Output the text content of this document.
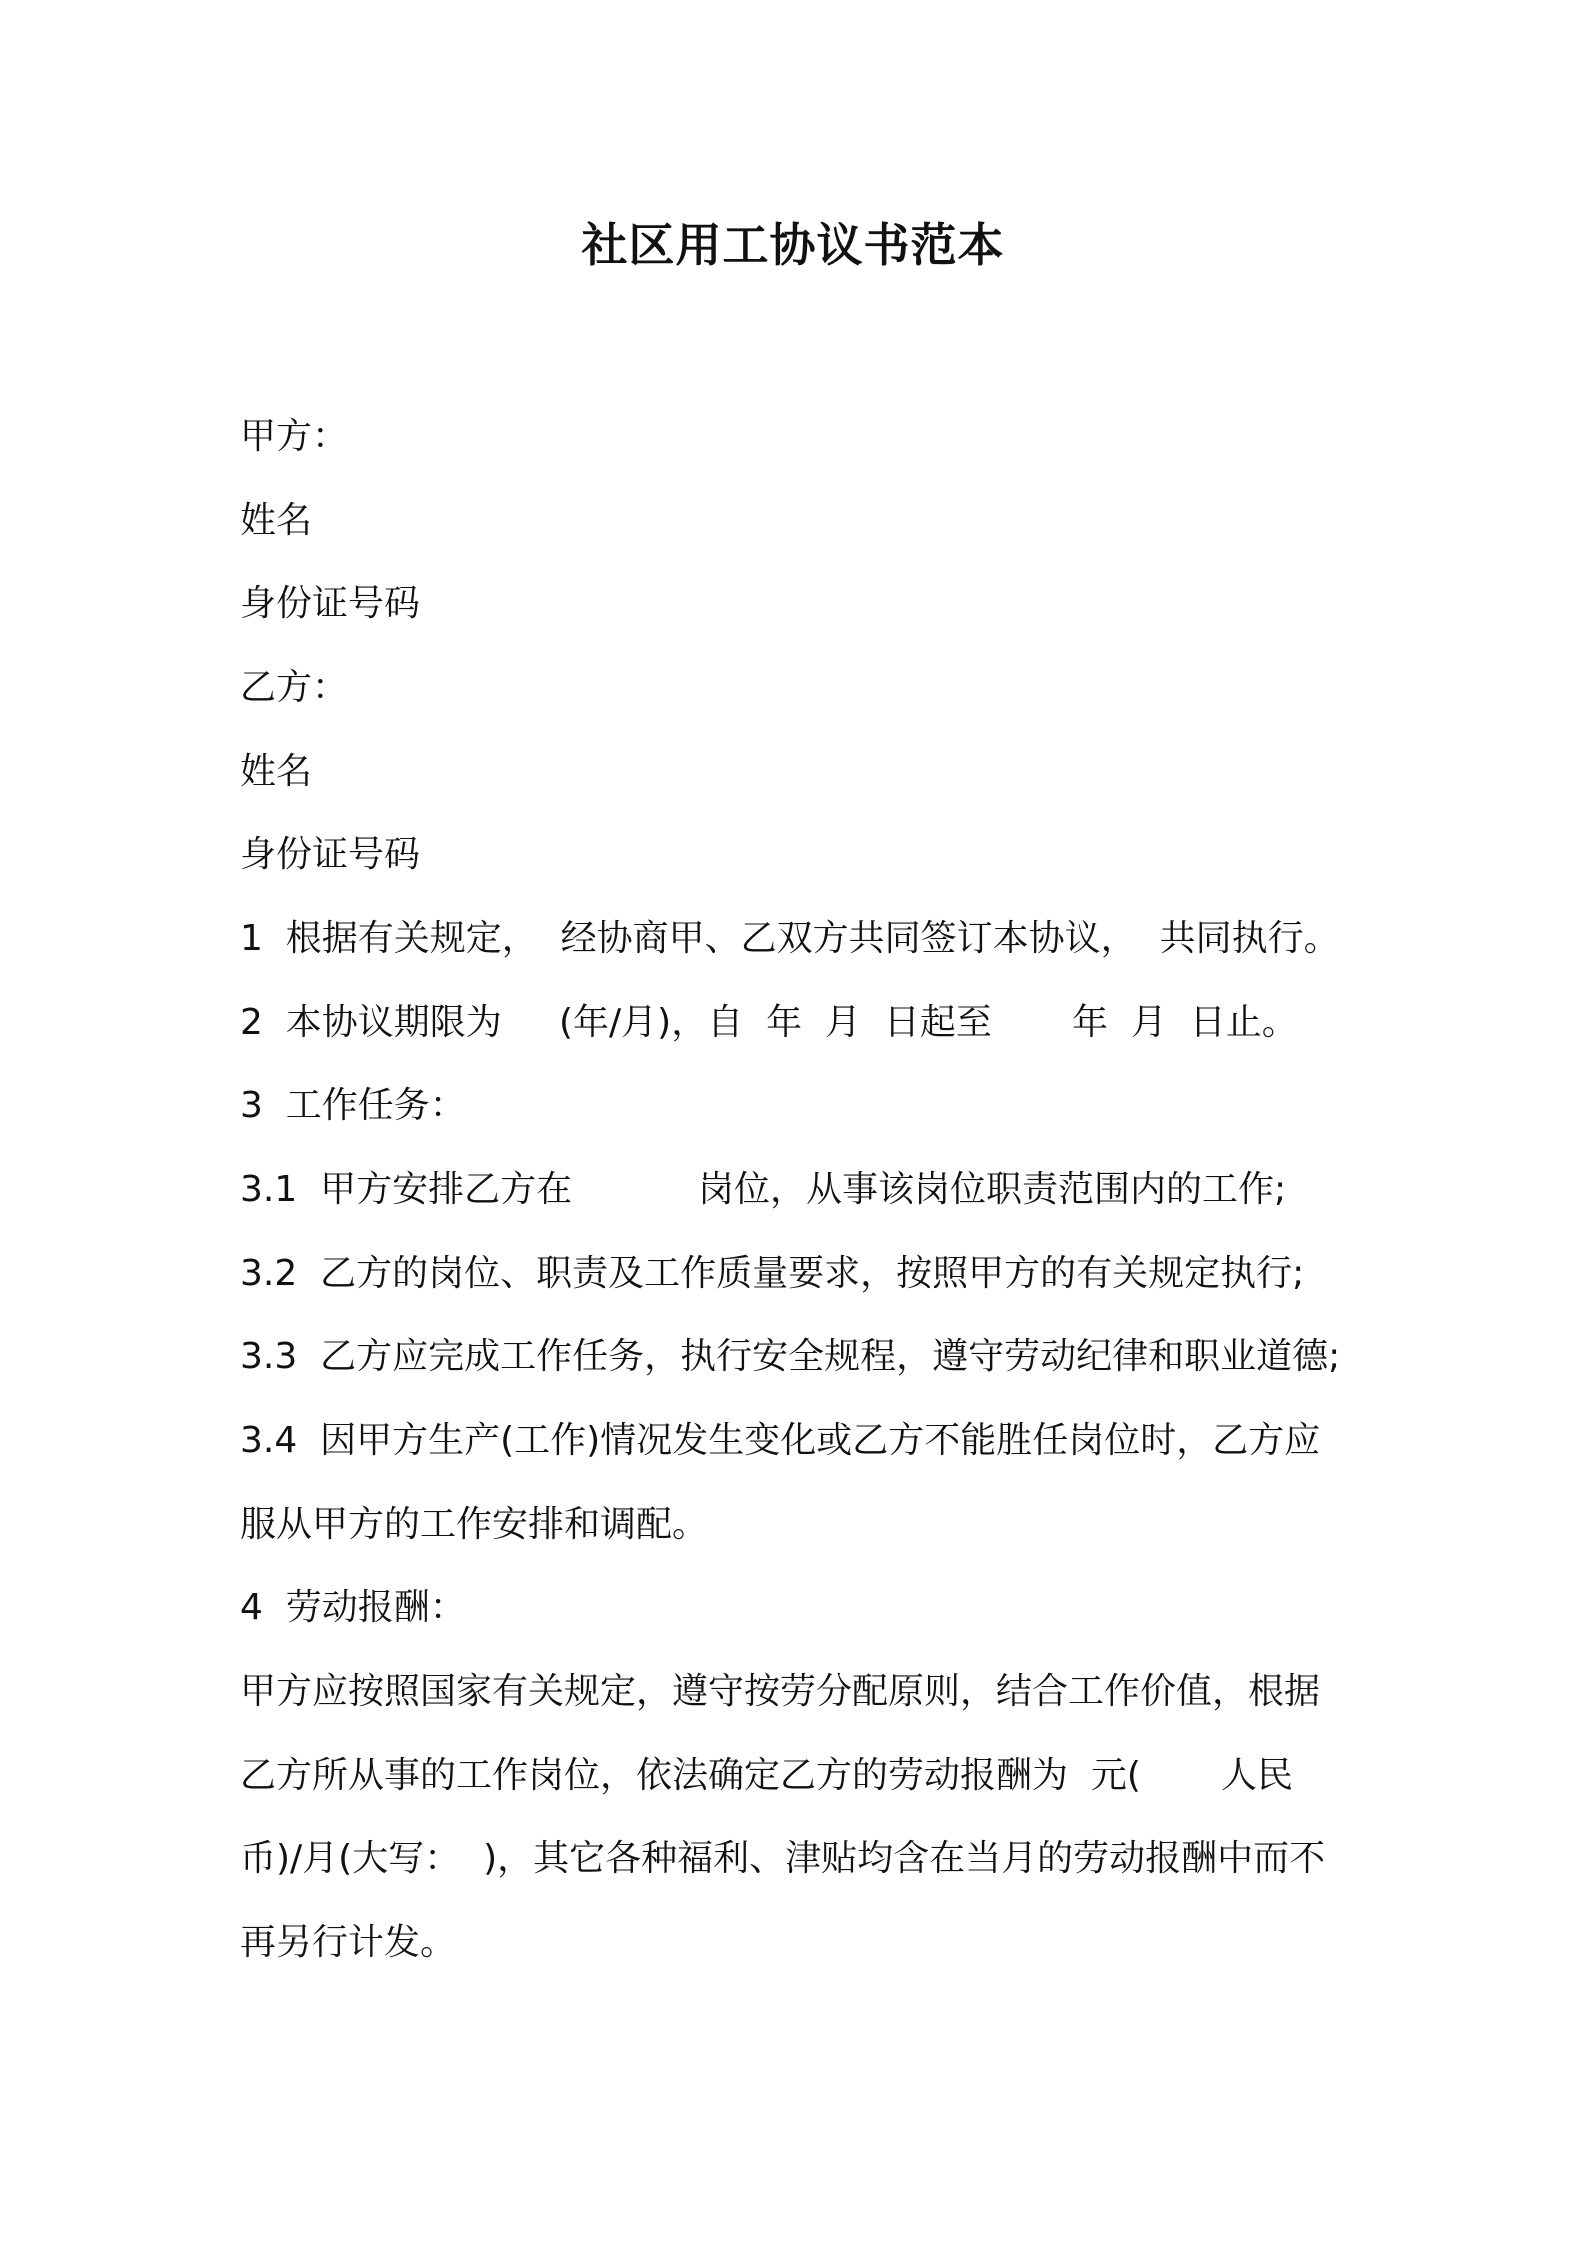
社区用工协议书范本
甲方：
姓名
身份证号码
乙方：
姓名
身份证号码
1  根据有关规定，  经协商甲、乙双方共同签订本协议，  共同执行。
2  本协议期限为     (年/月)，自  年  月  日起至       年  月  日止。
3  工作任务：
3.1  甲方安排乙方在           岗位，从事该岗位职责范围内的工作;
3.2  乙方的岗位、职责及工作质量要求，按照甲方的有关规定执行;
3.3  乙方应完成工作任务，执行安全规程，遵守劳动纪律和职业道德;
3.4  因甲方生产(工作)情况发生变化或乙方不能胜任岗位时，乙方应
服从甲方的工作安排和调配。
4  劳动报酬：
甲方应按照国家有关规定，遵守按劳分配原则，结合工作价值，根据
乙方所从事的工作岗位，依法确定乙方的劳动报酬为  元(       人民
币)/月(大写：  )，其它各种福利、津贴均含在当月的劳动报酬中而不
再另行计发。
